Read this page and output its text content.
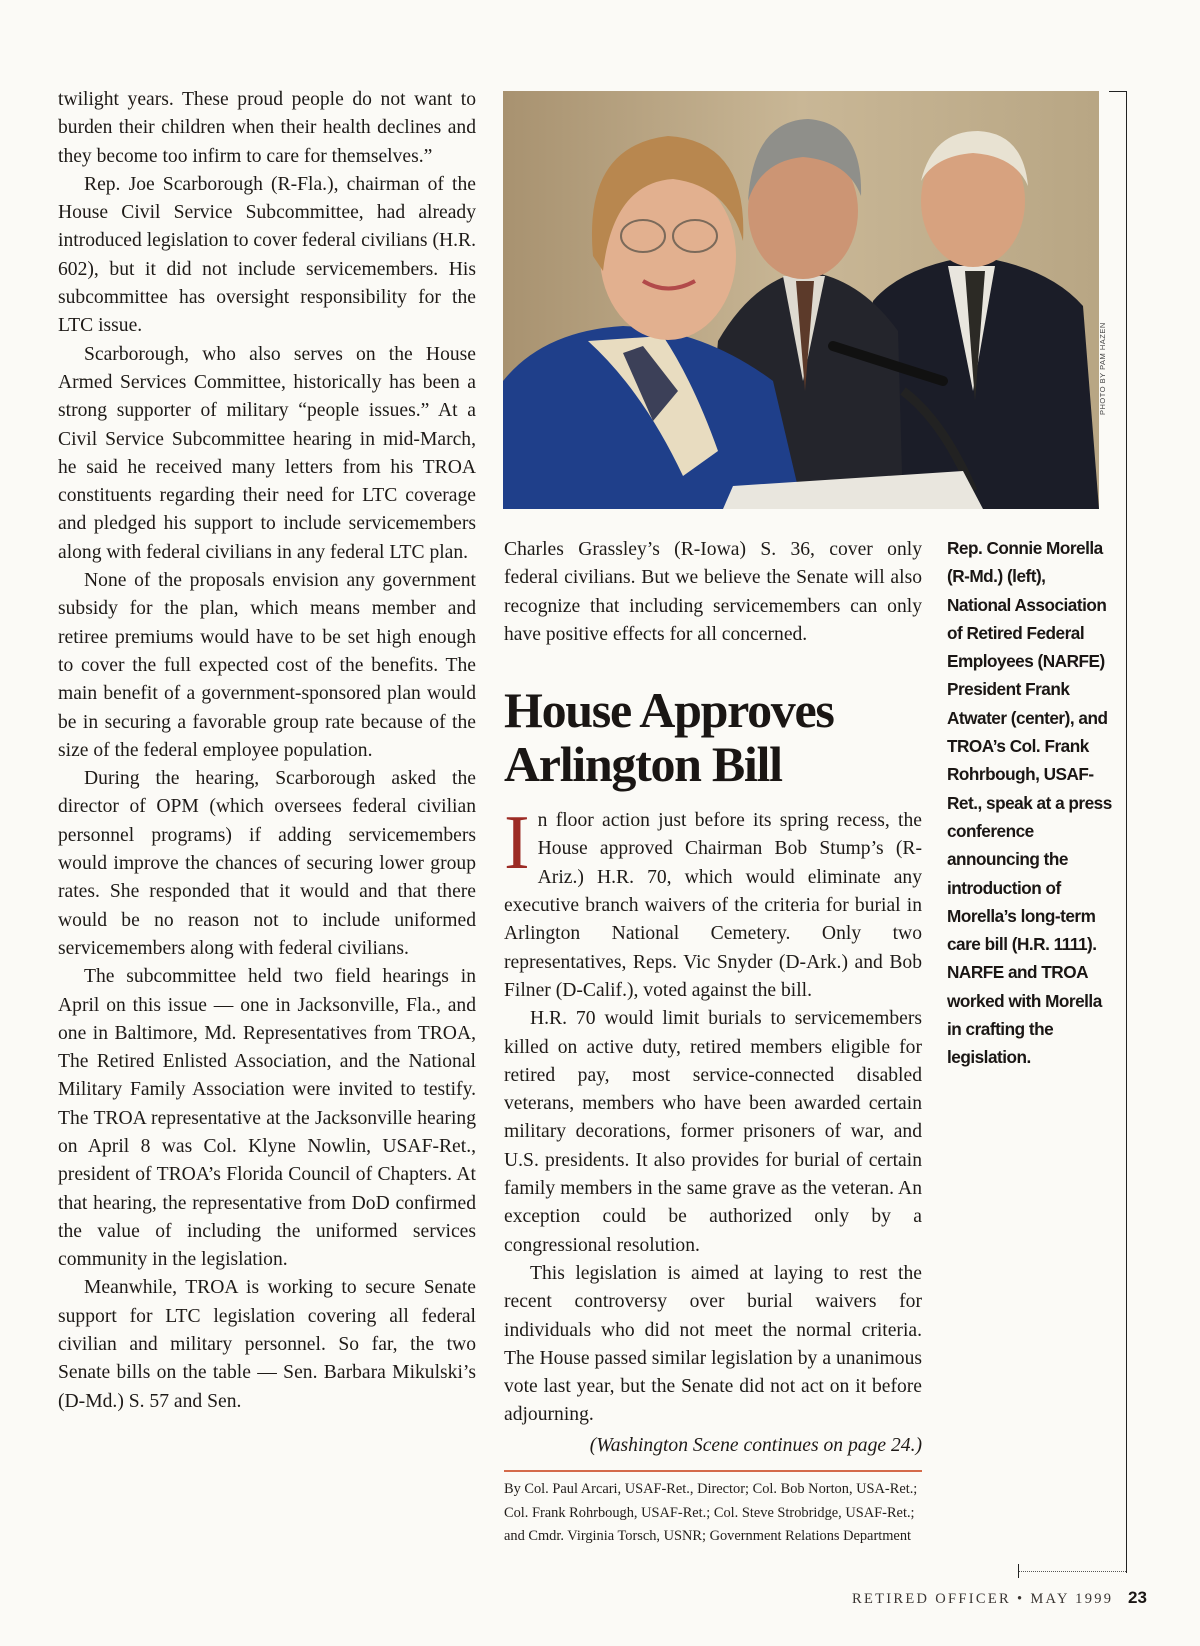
twilight years. These proud people do not want to burden their children when their health declines and they become too infirm to care for themselves.”

Rep. Joe Scarborough (R-Fla.), chairman of the House Civil Service Subcommittee, had already introduced legislation to cover federal civilians (H.R. 602), but it did not include servicemembers. His subcommittee has oversight responsibility for the LTC issue.

Scarborough, who also serves on the House Armed Services Committee, historically has been a strong supporter of military “people issues.” At a Civil Service Subcommittee hearing in mid-March, he said he received many letters from his TROA constituents regarding their need for LTC coverage and pledged his support to include servicemembers along with federal civilians in any federal LTC plan.

None of the proposals envision any government subsidy for the plan, which means member and retiree premiums would have to be set high enough to cover the full expected cost of the benefits. The main benefit of a government-sponsored plan would be in securing a favorable group rate because of the size of the federal employee population.

During the hearing, Scarborough asked the director of OPM (which oversees federal civilian personnel programs) if adding servicemembers would improve the chances of securing lower group rates. She responded that it would and that there would be no reason not to include uniformed servicemembers along with federal civilians.

The subcommittee held two field hearings in April on this issue — one in Jacksonville, Fla., and one in Baltimore, Md. Representatives from TROA, The Retired Enlisted Association, and the National Military Family Association were invited to testify. The TROA representative at the Jacksonville hearing on April 8 was Col. Klyne Nowlin, USAF-Ret., president of TROA’s Florida Council of Chapters. At that hearing, the representative from DoD confirmed the value of including the uniformed services community in the legislation.

Meanwhile, TROA is working to secure Senate support for LTC legislation covering all federal civilian and military personnel. So far, the two Senate bills on the table — Sen. Barbara Mikulski’s (D-Md.) S. 57 and Sen.

PHOTO BY PAM HAZEN

Charles Grassley’s (R-Iowa) S. 36, cover only federal civilians. But we believe the Senate will also recognize that including servicemembers can only have positive effects for all concerned.

House Approves
Arlington Bill

In floor action just before its spring recess, the House approved Chairman Bob Stump’s (R-Ariz.) H.R. 70, which would eliminate any executive branch waivers of the criteria for burial in Arlington National Cemetery. Only two representatives, Reps. Vic Snyder (D-Ark.) and Bob Filner (D-Calif.), voted against the bill.

H.R. 70 would limit burials to servicemembers killed on active duty, retired members eligible for retired pay, most service-connected disabled veterans, members who have been awarded certain military decorations, former prisoners of war, and U.S. presidents. It also provides for burial of certain family members in the same grave as the veteran. An exception could be authorized only by a congressional resolution.

This legislation is aimed at laying to rest the recent controversy over burial waivers for individuals who did not meet the normal criteria. The House passed similar legislation by a unanimous vote last year, but the Senate did not act on it before adjourning.

(Washington Scene continues on page 24.)
By Col. Paul Arcari, USAF-Ret., Director; Col. Bob Norton, USA-Ret.; Col. Frank Rohrbough, USAF-Ret.; Col. Steve Strobridge, USAF-Ret.; and Cmdr. Virginia Torsch, USNR; Government Relations Department
Rep. Connie Morella (R-Md.) (left), National Association of Retired Federal Employees (NARFE) President Frank Atwater (center), and TROA’s Col. Frank Rohrbough, USAF-Ret., speak at a press conference announcing the introduction of Morella’s long-term care bill (H.R. 1111). NARFE and TROA worked with Morella in crafting the legislation.
RETIRED OFFICER • MAY 1999 23
